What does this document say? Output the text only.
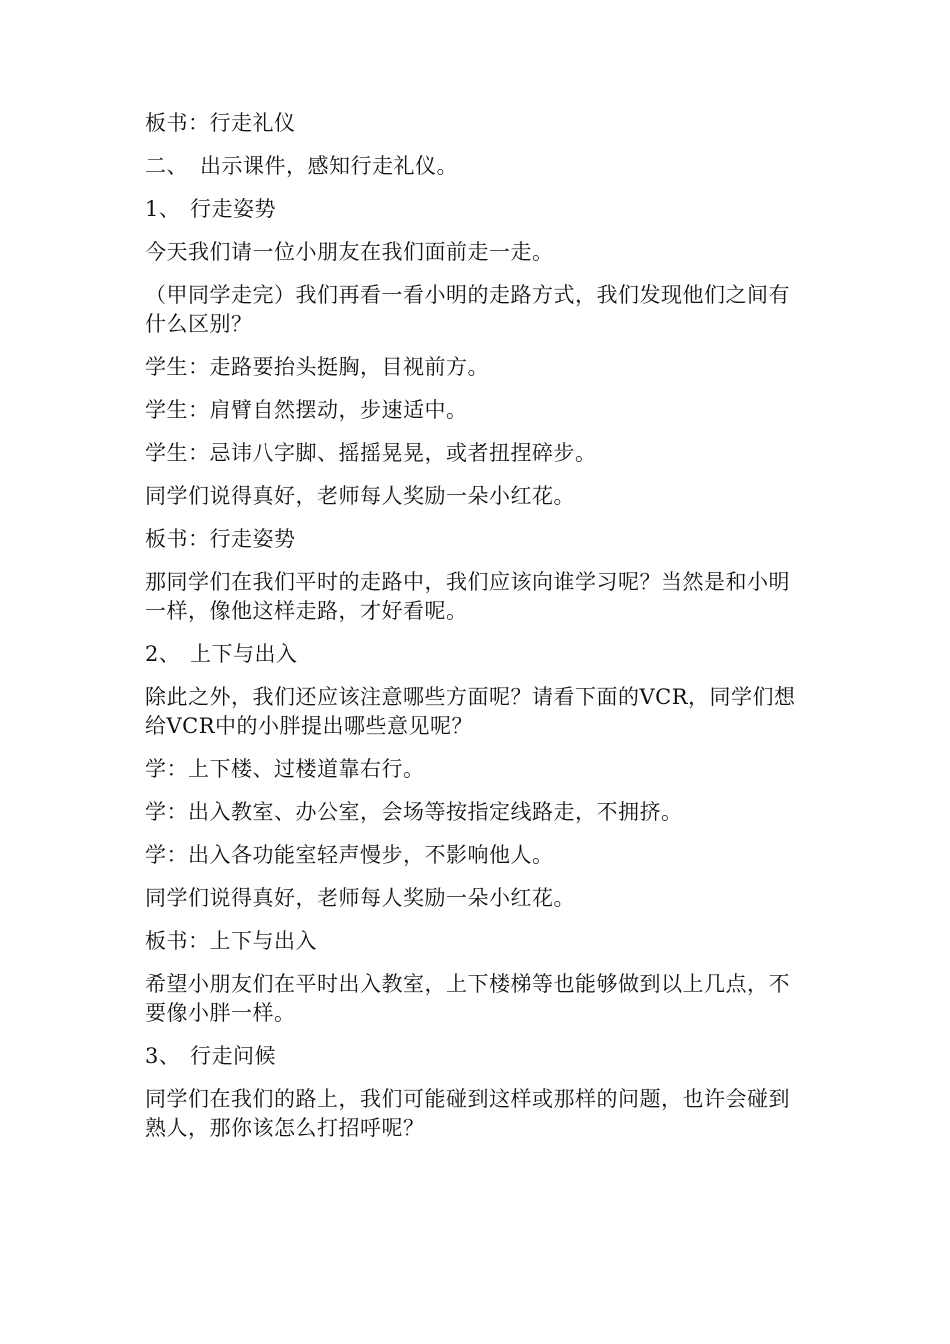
板书：行走礼仪

二、 出示课件，感知行走礼仪。

1、 行走姿势

今天我们请一位小朋友在我们面前走一走。

（甲同学走完）我们再看一看小明的走路方式，我们发现他们之间有什么区别？

学生：走路要抬头挺胸，目视前方。

学生：肩臂自然摆动，步速适中。

学生：忌讳八字脚、摇摇晃晃，或者扭捏碎步。

同学们说得真好，老师每人奖励一朵小红花。

板书：行走姿势

那同学们在我们平时的走路中，我们应该向谁学习呢？当然是和小明一样，像他这样走路，才好看呢。

2、 上下与出入

除此之外，我们还应该注意哪些方面呢？请看下面的VCR，同学们想给VCR中的小胖提出哪些意见呢？

学：上下楼、过楼道靠右行。

学：出入教室、办公室，会场等按指定线路走，不拥挤。

学：出入各功能室轻声慢步，不影响他人。

同学们说得真好，老师每人奖励一朵小红花。

板书：上下与出入

希望小朋友们在平时出入教室，上下楼梯等也能够做到以上几点，不要像小胖一样。

3、 行走问候

同学们在我们的路上，我们可能碰到这样或那样的问题，也许会碰到熟人，那你该怎么打招呼呢？
